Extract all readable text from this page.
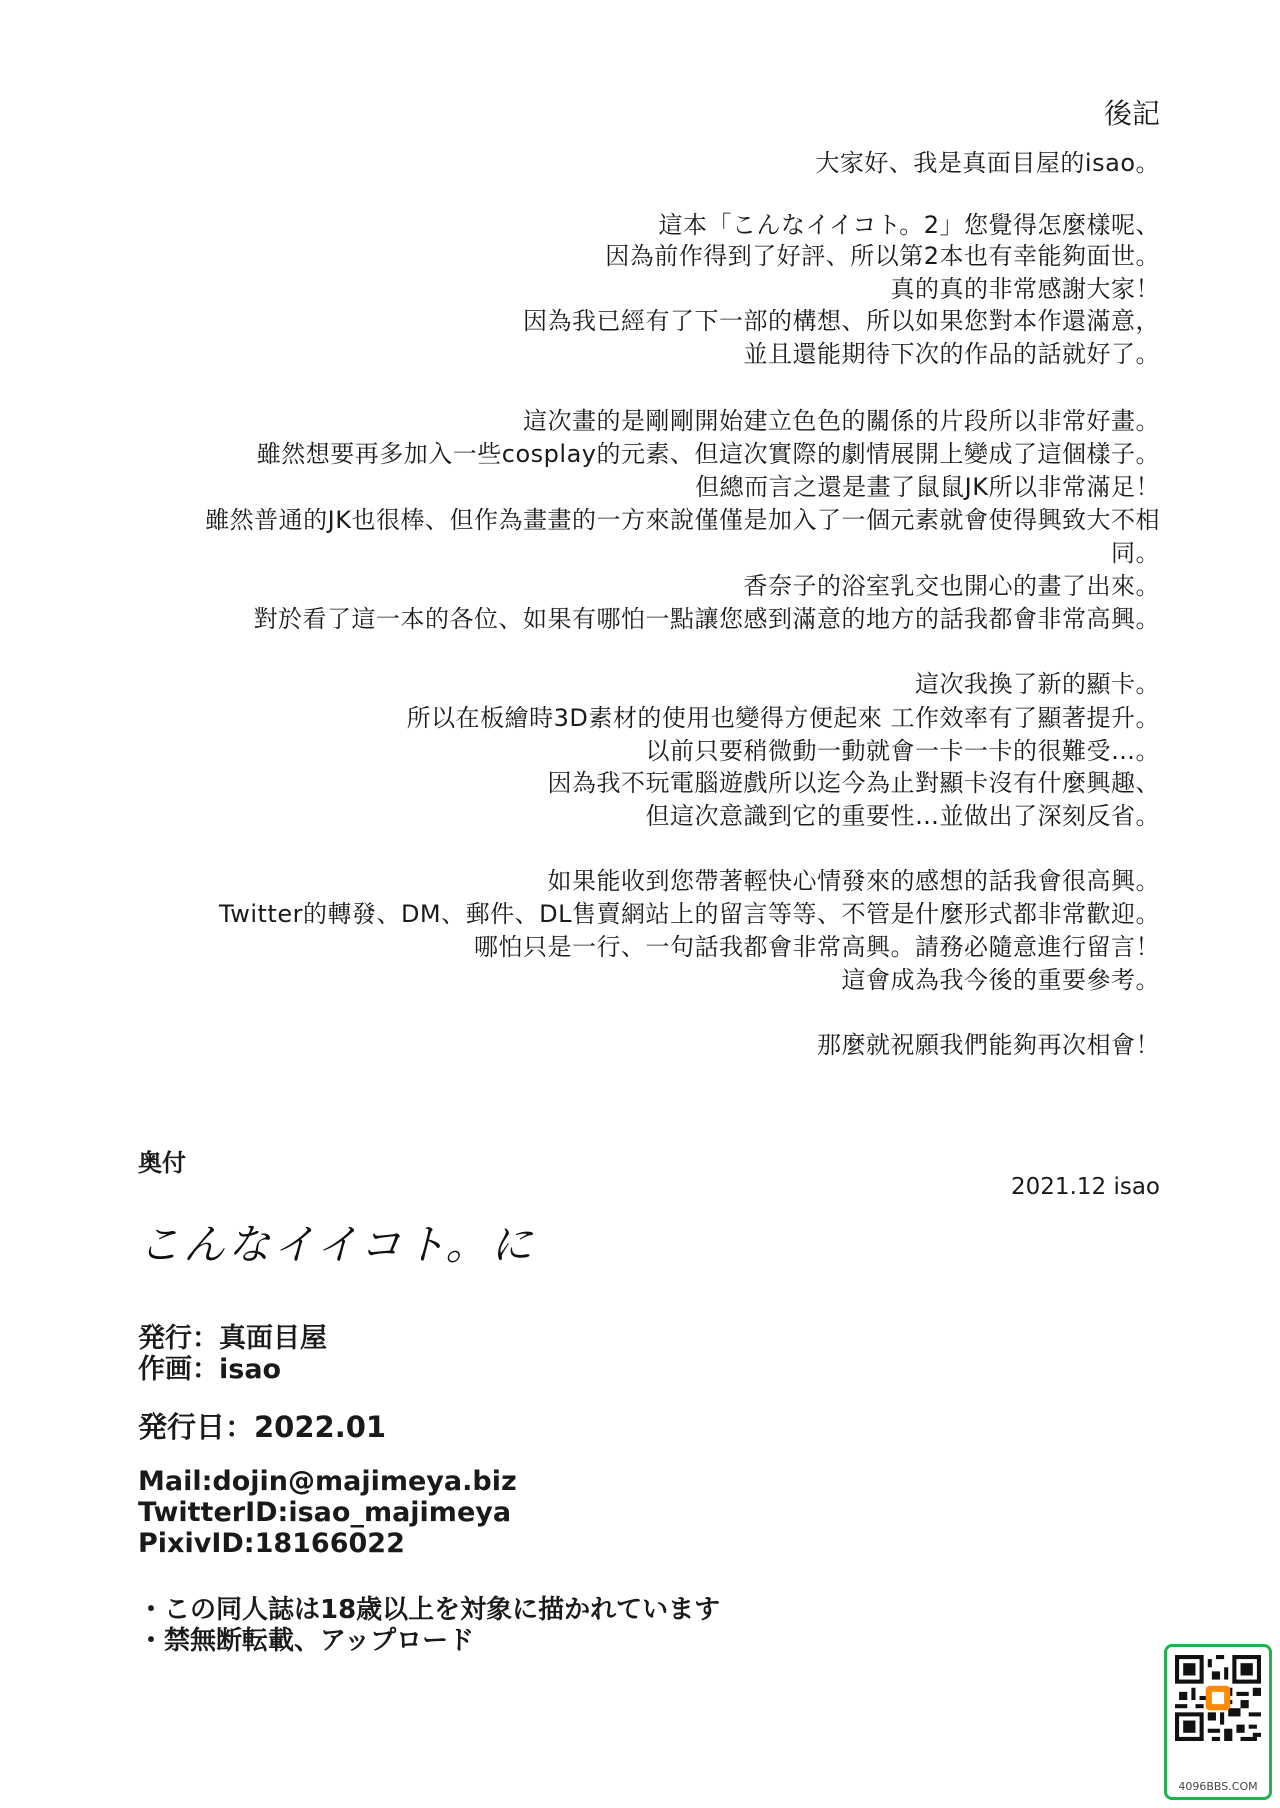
後記
大家好、我是真面目屋的isao。
這本「こんなイイコト。2」您覺得怎麼樣呢、
因為前作得到了好評、所以第2本也有幸能夠面世。
真的真的非常感謝大家！
因為我已經有了下一部的構想、所以如果您對本作還滿意，
並且還能期待下次的作品的話就好了。
這次畫的是剛剛開始建立色色的關係的片段所以非常好畫。
雖然想要再多加入一些cosplay的元素、但這次實際的劇情展開上變成了這個樣子。
但總而言之還是畫了鼠鼠JK所以非常滿足！
雖然普通的JK也很棒、但作為畫畫的一方來說僅僅是加入了一個元素就會使得興致大不相
同。
香奈子的浴室乳交也開心的畫了出來。
對於看了這一本的各位、如果有哪怕一點讓您感到滿意的地方的話我都會非常高興。
這次我換了新的顯卡。
所以在板繪時3D素材的使用也變得方便起來 工作效率有了顯著提升。
以前只要稍微動一動就會一卡一卡的很難受…。
因為我不玩電腦遊戲所以迄今為止對顯卡沒有什麼興趣、
但這次意識到它的重要性…並做出了深刻反省。
如果能收到您帶著輕快心情發來的感想的話我會很高興。
Twitter的轉發、DM、郵件、DL售賣網站上的留言等等、不管是什麼形式都非常歡迎。
哪怕只是一行、一句話我都會非常高興。請務必隨意進行留言！
這會成為我今後的重要參考。
那麼就祝願我們能夠再次相會！
2021.12 isao
奥付
発行：真面目屋
作画：isao
発行日：2022.01
Mail:dojin@majimeya.biz
TwitterID:isao_majimeya
PixivID:18166022
・この同人誌は18歳以上を対象に描かれています
・禁無断転載、アップロード
こんなイイコト。に
4096BBS.COM
